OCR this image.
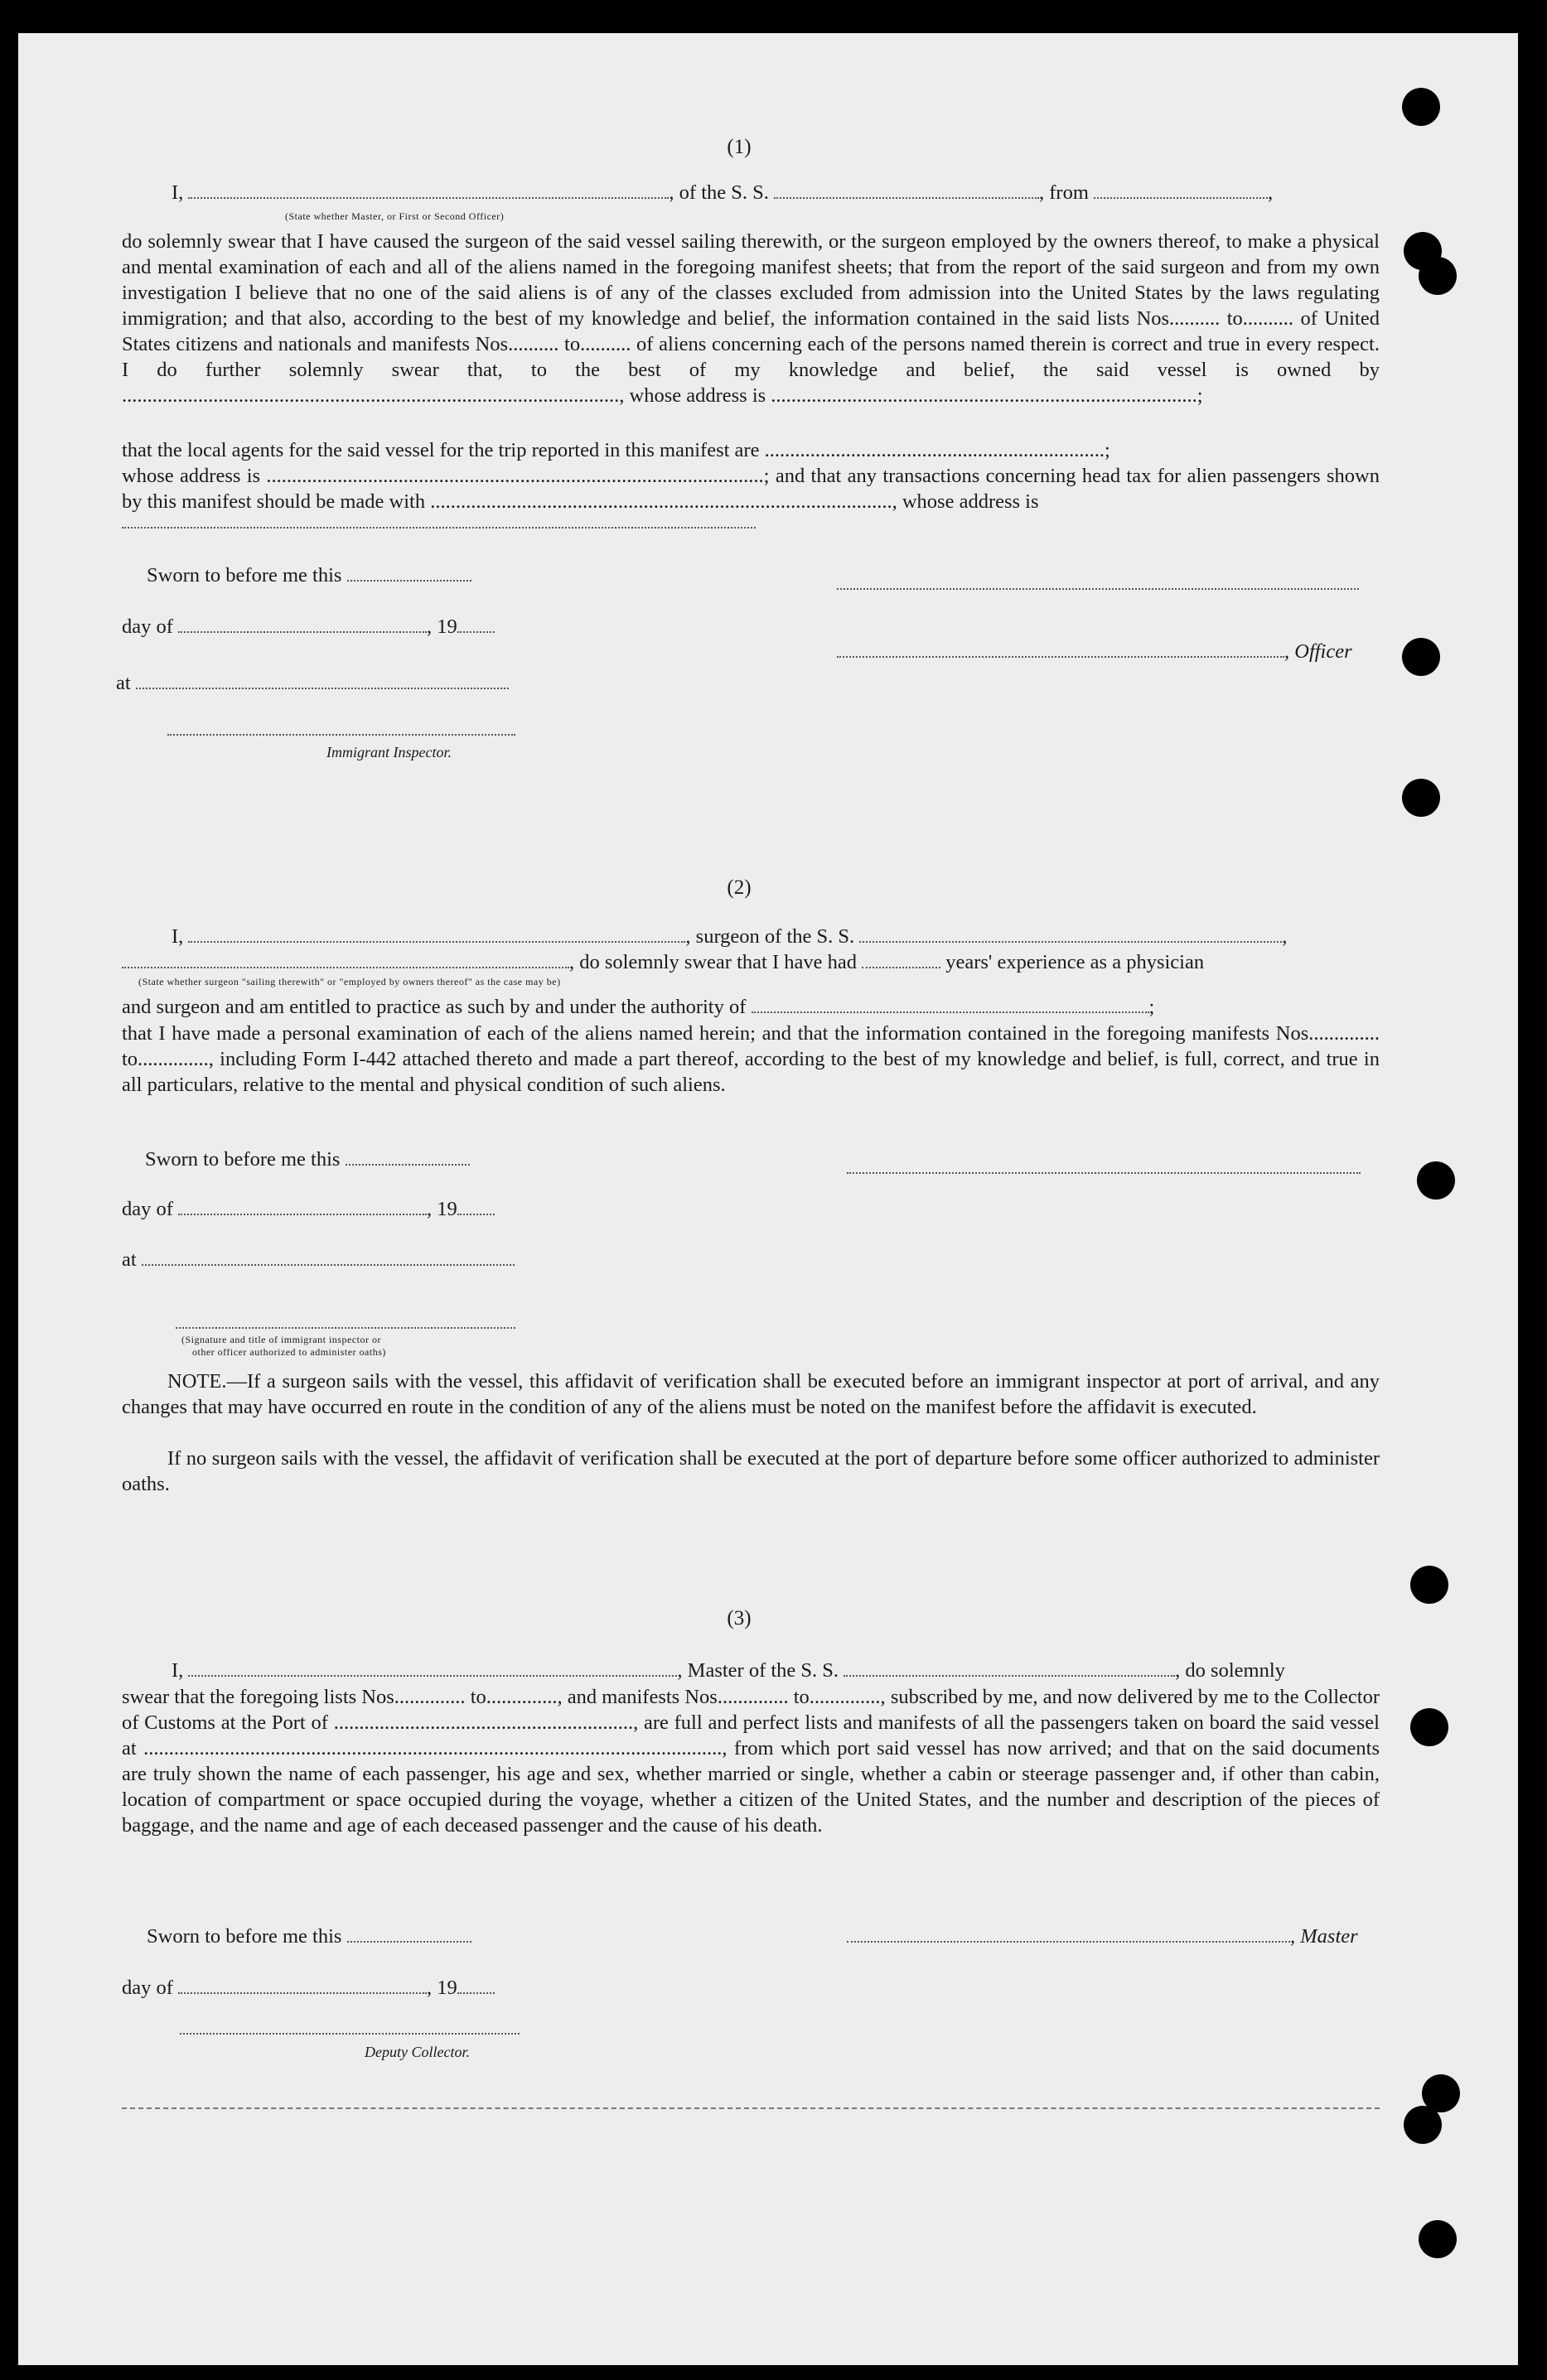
(1)
I,	, of the S. S.	, from	,
(State whether Master, or First or Second Officer)
do solemnly swear that I have caused the surgeon of the said vessel sailing therewith, or the surgeon employed by the owners thereof, to make a physical and mental examination of each and all of the aliens named in the foregoing manifest sheets; that from the report of the said surgeon and from my own investigation I believe that no one of the said aliens is of any of the classes excluded from admission into the United States by the laws regulating immigration; and that also, according to the best of my knowledge and belief, the information contained in the said lists Nos.......... to.......... of United States citizens and nationals and manifests Nos.......... to.......... of aliens concerning each of the persons named therein is correct and true in every respect. I do further solemnly swear that, to the best of my knowledge and belief, the said vessel is owned by .................................................................................................., whose address is ....................................................................................;
that the local agents for the said vessel for the trip reported in this manifest are ...................................................................;
whose address is ..................................................................................................; and that any transactions concerning head tax for alien passengers shown by this manifest should be made with ..........................................................................................., whose address is
Sworn to before me this
day of	, 19
, Officer
at
Immigrant Inspector.
(2)
I,	, surgeon of the S. S.	,
, do solemnly swear that I have had	years' experience as a physician
(State whether surgeon "sailing therewith" or "employed by owners thereof" as the case may be)
and surgeon and am entitled to practice as such by and under the authority of	;
that I have made a personal examination of each of the aliens named herein; and that the information contained in the foregoing manifests Nos.............. to.............., including Form I-442 attached thereto and made a part thereof, according to the best of my knowledge and belief, is full, correct, and true in all particulars, relative to the mental and physical condition of such aliens.
Sworn to before me this
day of	, 19
at
(Signature and title of immigrant inspector or
other officer authorized to administer oaths)
NOTE.—If a surgeon sails with the vessel, this affidavit of verification shall be executed before an immigrant inspector at port of arrival, and any changes that may have occurred en route in the condition of any of the aliens must be noted on the manifest before the affidavit is executed.
If no surgeon sails with the vessel, the affidavit of verification shall be executed at the port of departure before some officer authorized to administer oaths.
(3)
I,	, Master of the S. S.	, do solemnly
swear that the foregoing lists Nos.............. to.............., and manifests Nos.............. to.............., subscribed by me, and now delivered by me to the Collector of Customs at the Port of ..........................................................., are full and perfect lists and manifests of all the passengers taken on board the said vessel at .................................................................................................................., from which port said vessel has now arrived; and that on the said documents are truly shown the name of each passenger, his age and sex, whether married or single, whether a cabin or steerage passenger and, if other than cabin, location of compartment or space occupied during the voyage, whether a citizen of the United States, and the number and description of the pieces of baggage, and the name and age of each deceased passenger and the cause of his death.
Sworn to before me this	, Master
day of	, 19
Deputy Collector.
